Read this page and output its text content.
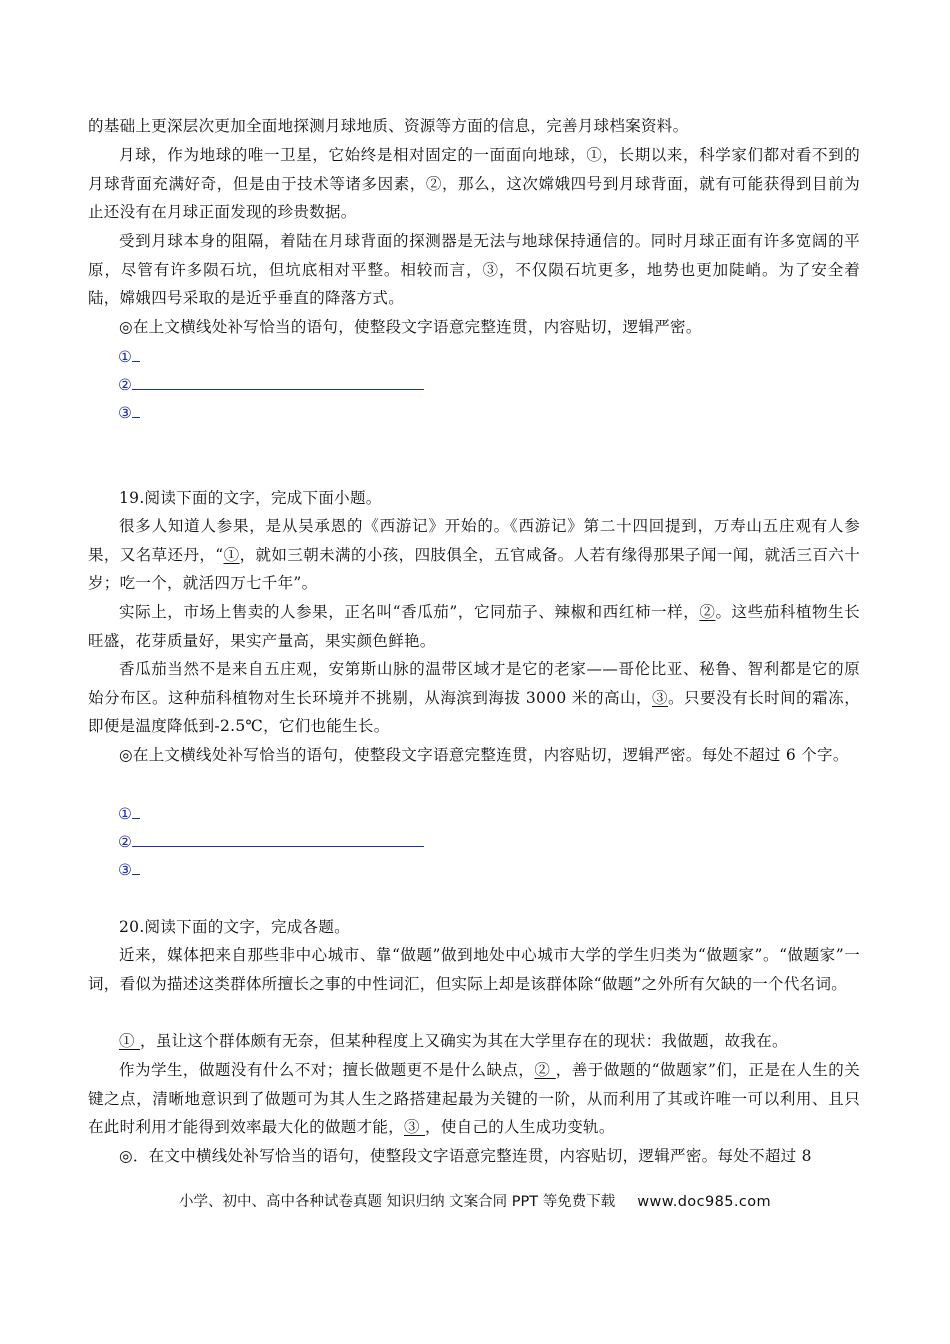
的基础上更深层次更加全面地探测月球地质、资源等方面的信息，完善月球档案资料。

月球，作为地球的唯一卫星，它始终是相对固定的一面面向地球，①，长期以来，科学家们都对看不到的月球背面充满好奇，但是由于技术等诸多因素，②，那么，这次嫦娥四号到月球背面，就有可能获得到目前为止还没有在月球正面发现的珍贵数据。

受到月球本身的阻隔，着陆在月球背面的探测器是无法与地球保持通信的。同时月球正面有许多宽阔的平原，尽管有许多陨石坑，但坑底相对平整。相较而言，③，不仅陨石坑更多，地势也更加陡峭。为了安全着陆，嫦娥四号采取的是近乎垂直的降落方式。

◎在上文横线处补写恰当的语句，使整段文字语意完整连贯，内容贴切，逻辑严密。

①

②

③

19.阅读下面的文字，完成下面小题。

很多人知道人参果，是从吴承恩的《西游记》开始的。《西游记》第二十四回提到，万寿山五庄观有人参果，又名草还丹，“①，就如三朝未满的小孩，四肢俱全，五官咸备。人若有缘得那果子闻一闻，就活三百六十岁；吃一个，就活四万七千年”。

实际上，市场上售卖的人参果，正名叫“香瓜茄”，它同茄子、辣椒和西红柿一样，②。这些茄科植物生长旺盛，花芽质量好，果实产量高，果实颜色鲜艳。

香瓜茄当然不是来自五庄观，安第斯山脉的温带区域才是它的老家——哥伦比亚、秘鲁、智利都是它的原始分布区。这种茄科植物对生长环境并不挑剔，从海滨到海拔 3000 米的高山，③。只要没有长时间的霜冻，即便是温度降低到-2.5℃，它们也能生长。

◎在上文横线处补写恰当的语句，使整段文字语意完整连贯，内容贴切，逻辑严密。每处不超过 6 个字。

①

②

③

20.阅读下面的文字，完成各题。

近来，媒体把来自那些非中心城市、靠“做题”做到地处中心城市大学的学生归类为“做题家”。“做题家”一词，看似为描述这类群体所擅长之事的中性词汇，但实际上却是该群体除“做题”之外所有欠缺的一个代名词。

① ，虽让这个群体颇有无奈，但某种程度上又确实为其在大学里存在的现状：我做题，故我在。

作为学生，做题没有什么不对；擅长做题更不是什么缺点，② ，善于做题的“做题家”们，正是在人生的关键之点，清晰地意识到了做题可为其人生之路搭建起最为关键的一阶，从而利用了其或许唯一可以利用、且只在此时利用才能得到效率最大化的做题才能，③ ，使自己的人生成功变轨。

◎．在文中横线处补写恰当的语句，使整段文字语意完整连贯，内容贴切，逻辑严密。每处不超过 8

小学、初中、高中各种试卷真题 知识归纳 文案合同 PPT 等免费下载 www.doc985.com
